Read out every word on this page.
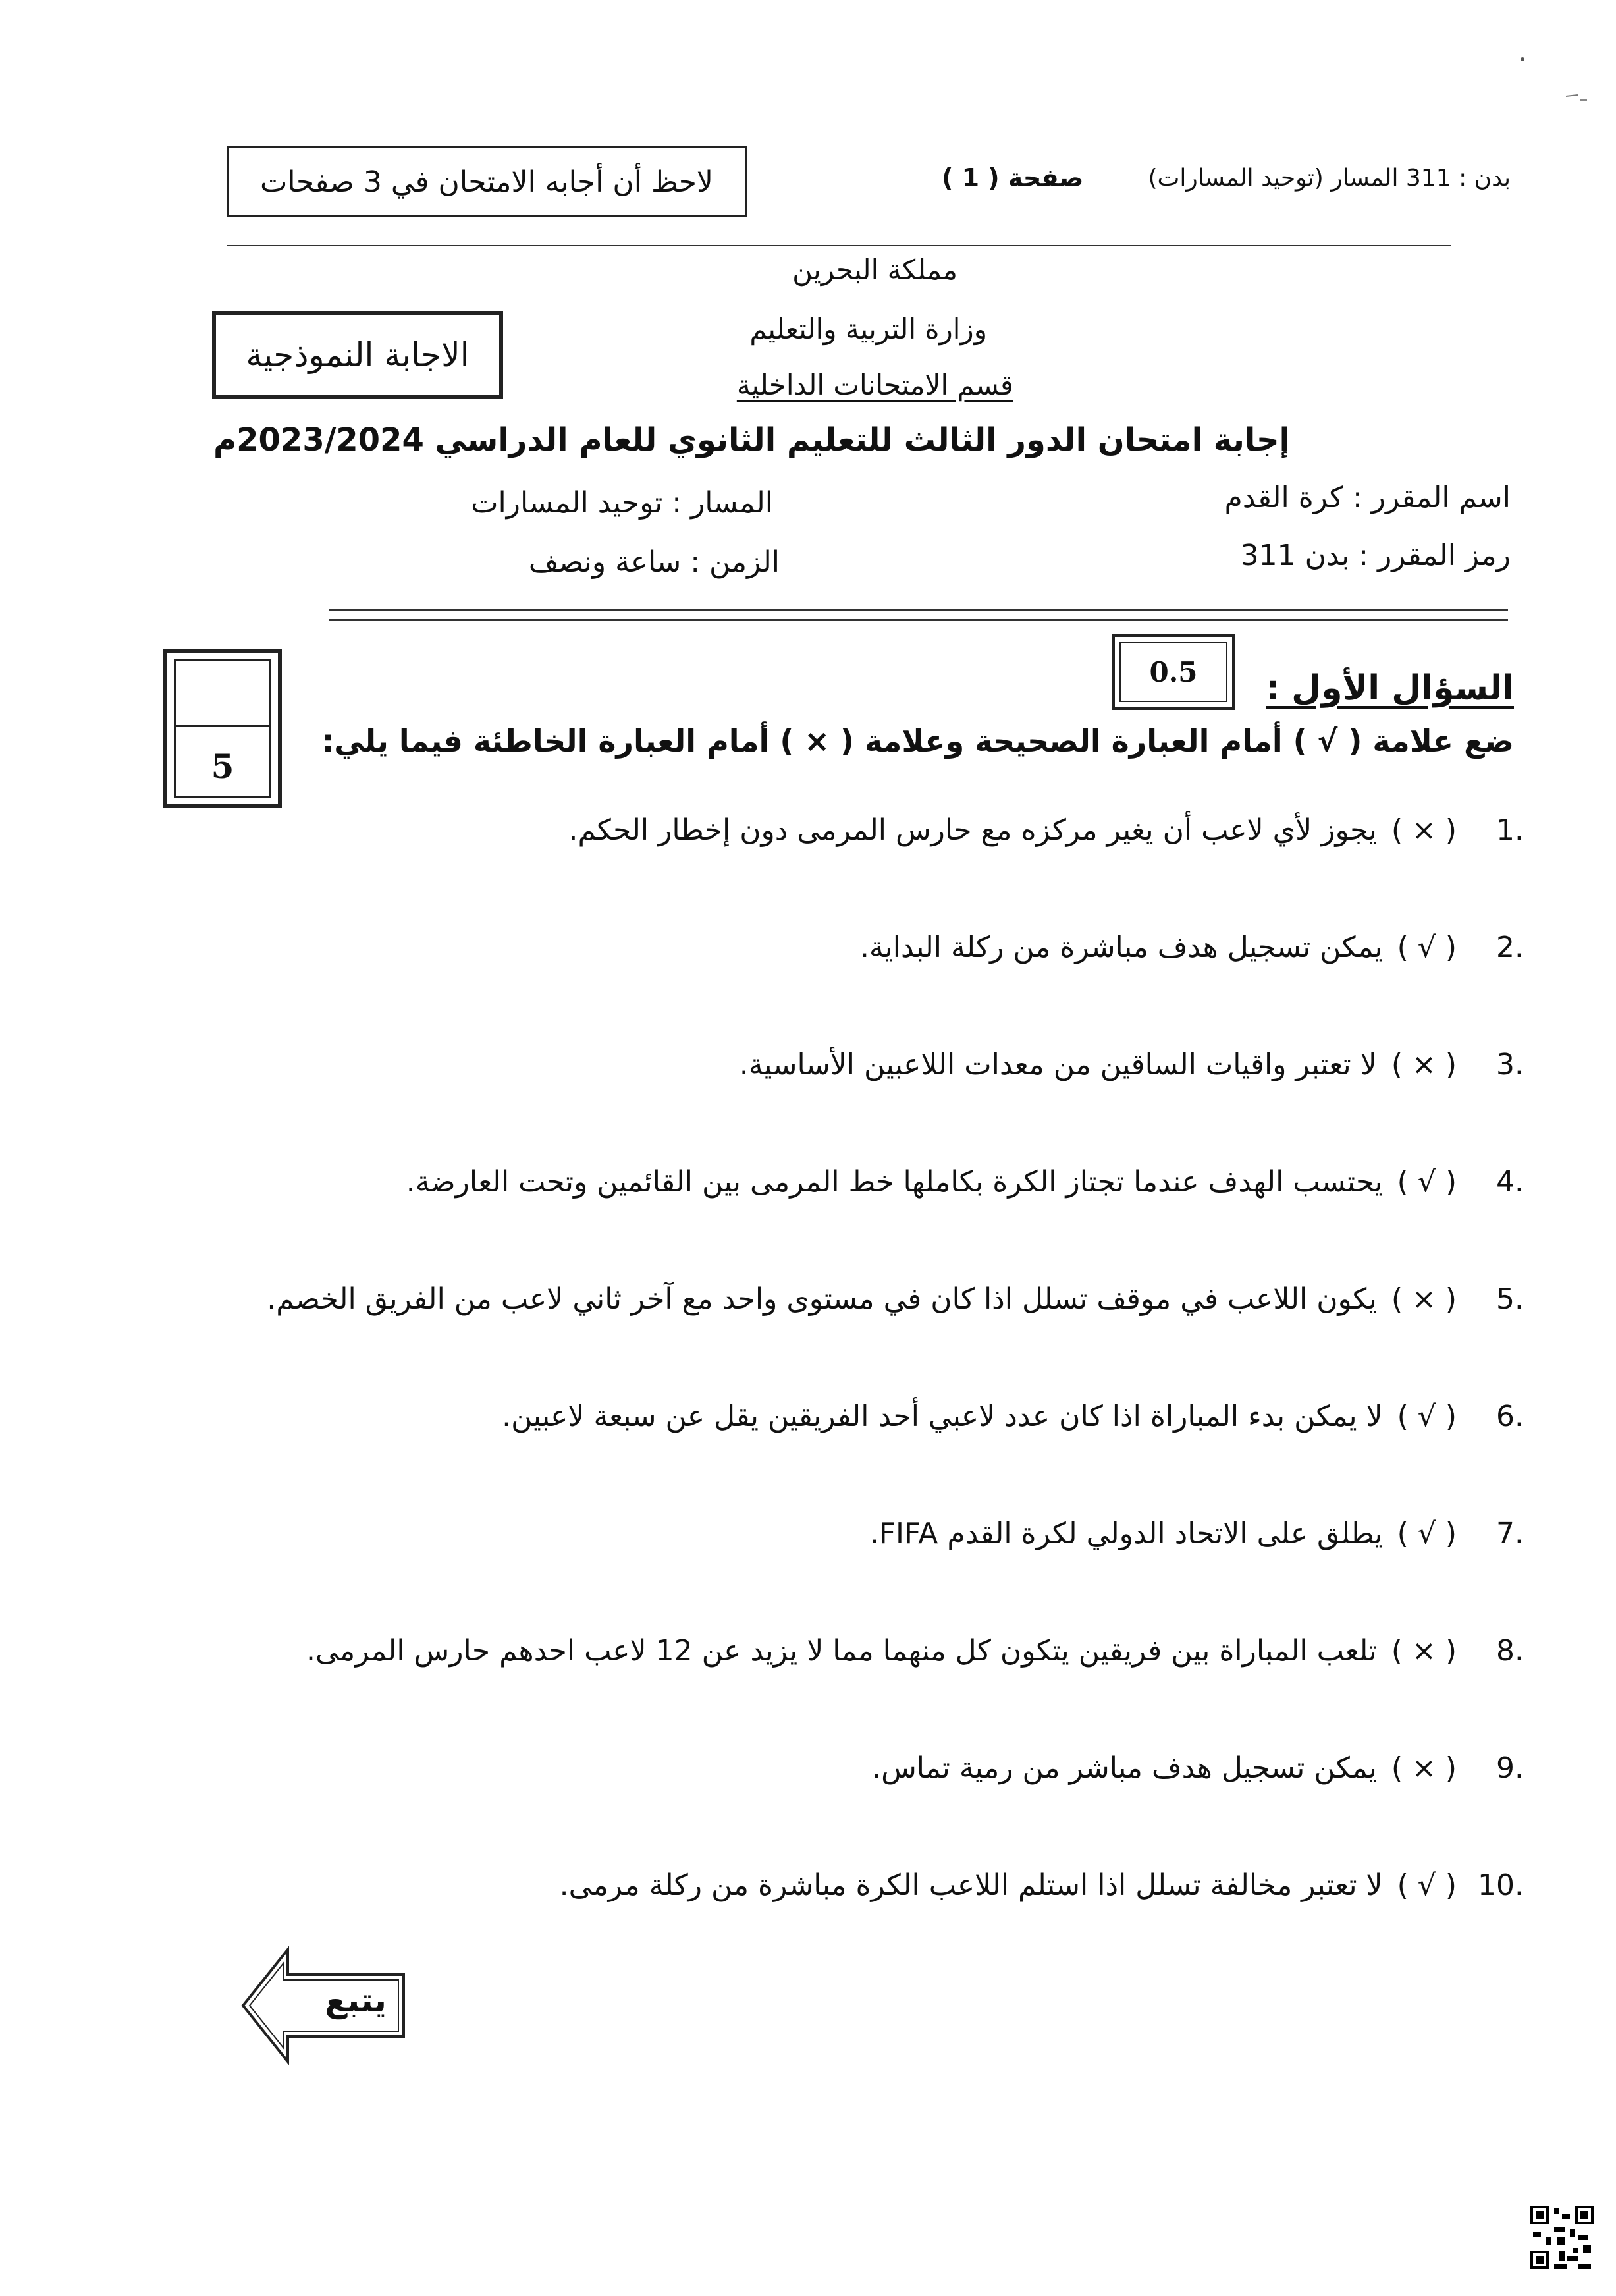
بدن : 311 المسار (توحيد المسارات)
صفحة ( 1 )
لاحظ أن أجابه الامتحان في 3 صفحات
مملكة البحرين
وزارة التربية والتعليم
قسم الامتحانات الداخلية
الاجابة النموذجية
إجابة امتحان الدور الثالث للتعليم الثانوي للعام الدراسي 2023/2024م
اسم المقرر : كرة القدم
المسار : توحيد المسارات
رمز المقرر : بدن 311
الزمن : ساعة ونصف
5
0.5	السؤال الأول :
ضع علامة ( √ ) أمام العبارة الصحيحة وعلامة ( × ) أمام العبارة الخاطئة فيما يلي:
.1( × )يجوز لأي لاعب أن يغير مركزه مع حارس المرمى دون إخطار الحكم.
.2( √ )يمكن تسجيل هدف مباشرة من ركلة البداية.
.3( × )لا تعتبر واقيات الساقين من معدات اللاعبين الأساسية.
.4( √ )يحتسب الهدف عندما تجتاز الكرة بكاملها خط المرمى بين القائمين وتحت العارضة.
.5( × )يكون اللاعب في موقف تسلل اذا كان في مستوى واحد مع آخر ثاني لاعب من الفريق الخصم.
.6( √ )لا يمكن بدء المباراة اذا كان عدد لاعبي أحد الفريقين يقل عن سبعة لاعبين.
.7( √ )يطلق على الاتحاد الدولي لكرة القدم FIFA.
.8( × )تلعب المباراة بين فريقين يتكون كل منهما مما لا يزيد عن 12 لاعب احدهم حارس المرمى.
.9( × )يمكن تسجيل هدف مباشر من رمية تماس.
.10( √ )لا تعتبر مخالفة تسلل اذا استلم اللاعب الكرة مباشرة من ركلة مرمى.
يتبع
